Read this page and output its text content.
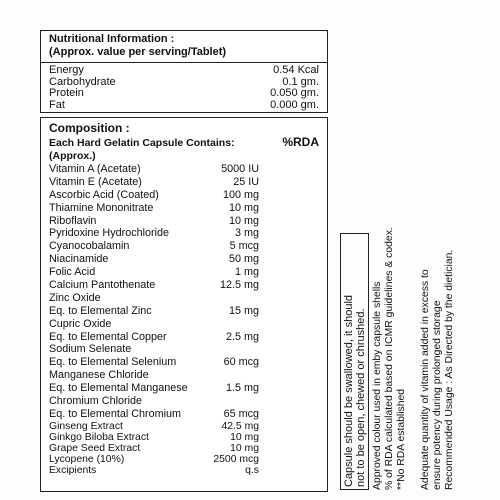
Nutritional Information :
(Approx. value per serving/Tablet)
Energy	0.54 Kcal
Carbohydrate	0.1 gm.
Protein	0.050 gm.
Fat	0.000 gm.
Composition :
Each Hard Gelatin Capsule Contains: (Approx.)
%RDA
Vitamin A (Acetate)	5000 IU
Vitamin E (Acetate)	25 IU
Ascorbic Acid (Coated)	100 mg
Thiamine Mononitrate	10 mg
Riboflavin	10 mg
Pyridoxine Hydrochloride	3 mg
Cyanocobalamin	5 mcg
Niacinamide	50 mg
Folic Acid	1 mg
Calcium Pantothenate	12.5 mg
Zinc Oxide
Eq. to Elemental Zinc	15 mg
Cupric Oxide
Eq. to Elemental Copper	2.5 mg
Sodium Selenate
Eq. to Elemental Selenium	60 mcg
Manganese Chloride
Eq. to Elemental Manganese	1.5 mg
Chromium Chloride
Eq. to Elemental Chromium	65 mcg
Ginseng Extract	42.5 mg
Ginkgo Biloba Extract	10 mg
Grape Seed Extract	10 mg
Lycopene (10%)	2500 mcg
Excipients	q.s	Capsule should be swallowed, it should not to be open, chewed or chrushed. Approved colour used in emby capsule shells % of RDA calculated based on ICMR guidelines & codex. **No RDA established Adequate quantity of vitamin added in excess to ensure potency during prolonged storage Recommended Usage : As Directed by the dietician.
